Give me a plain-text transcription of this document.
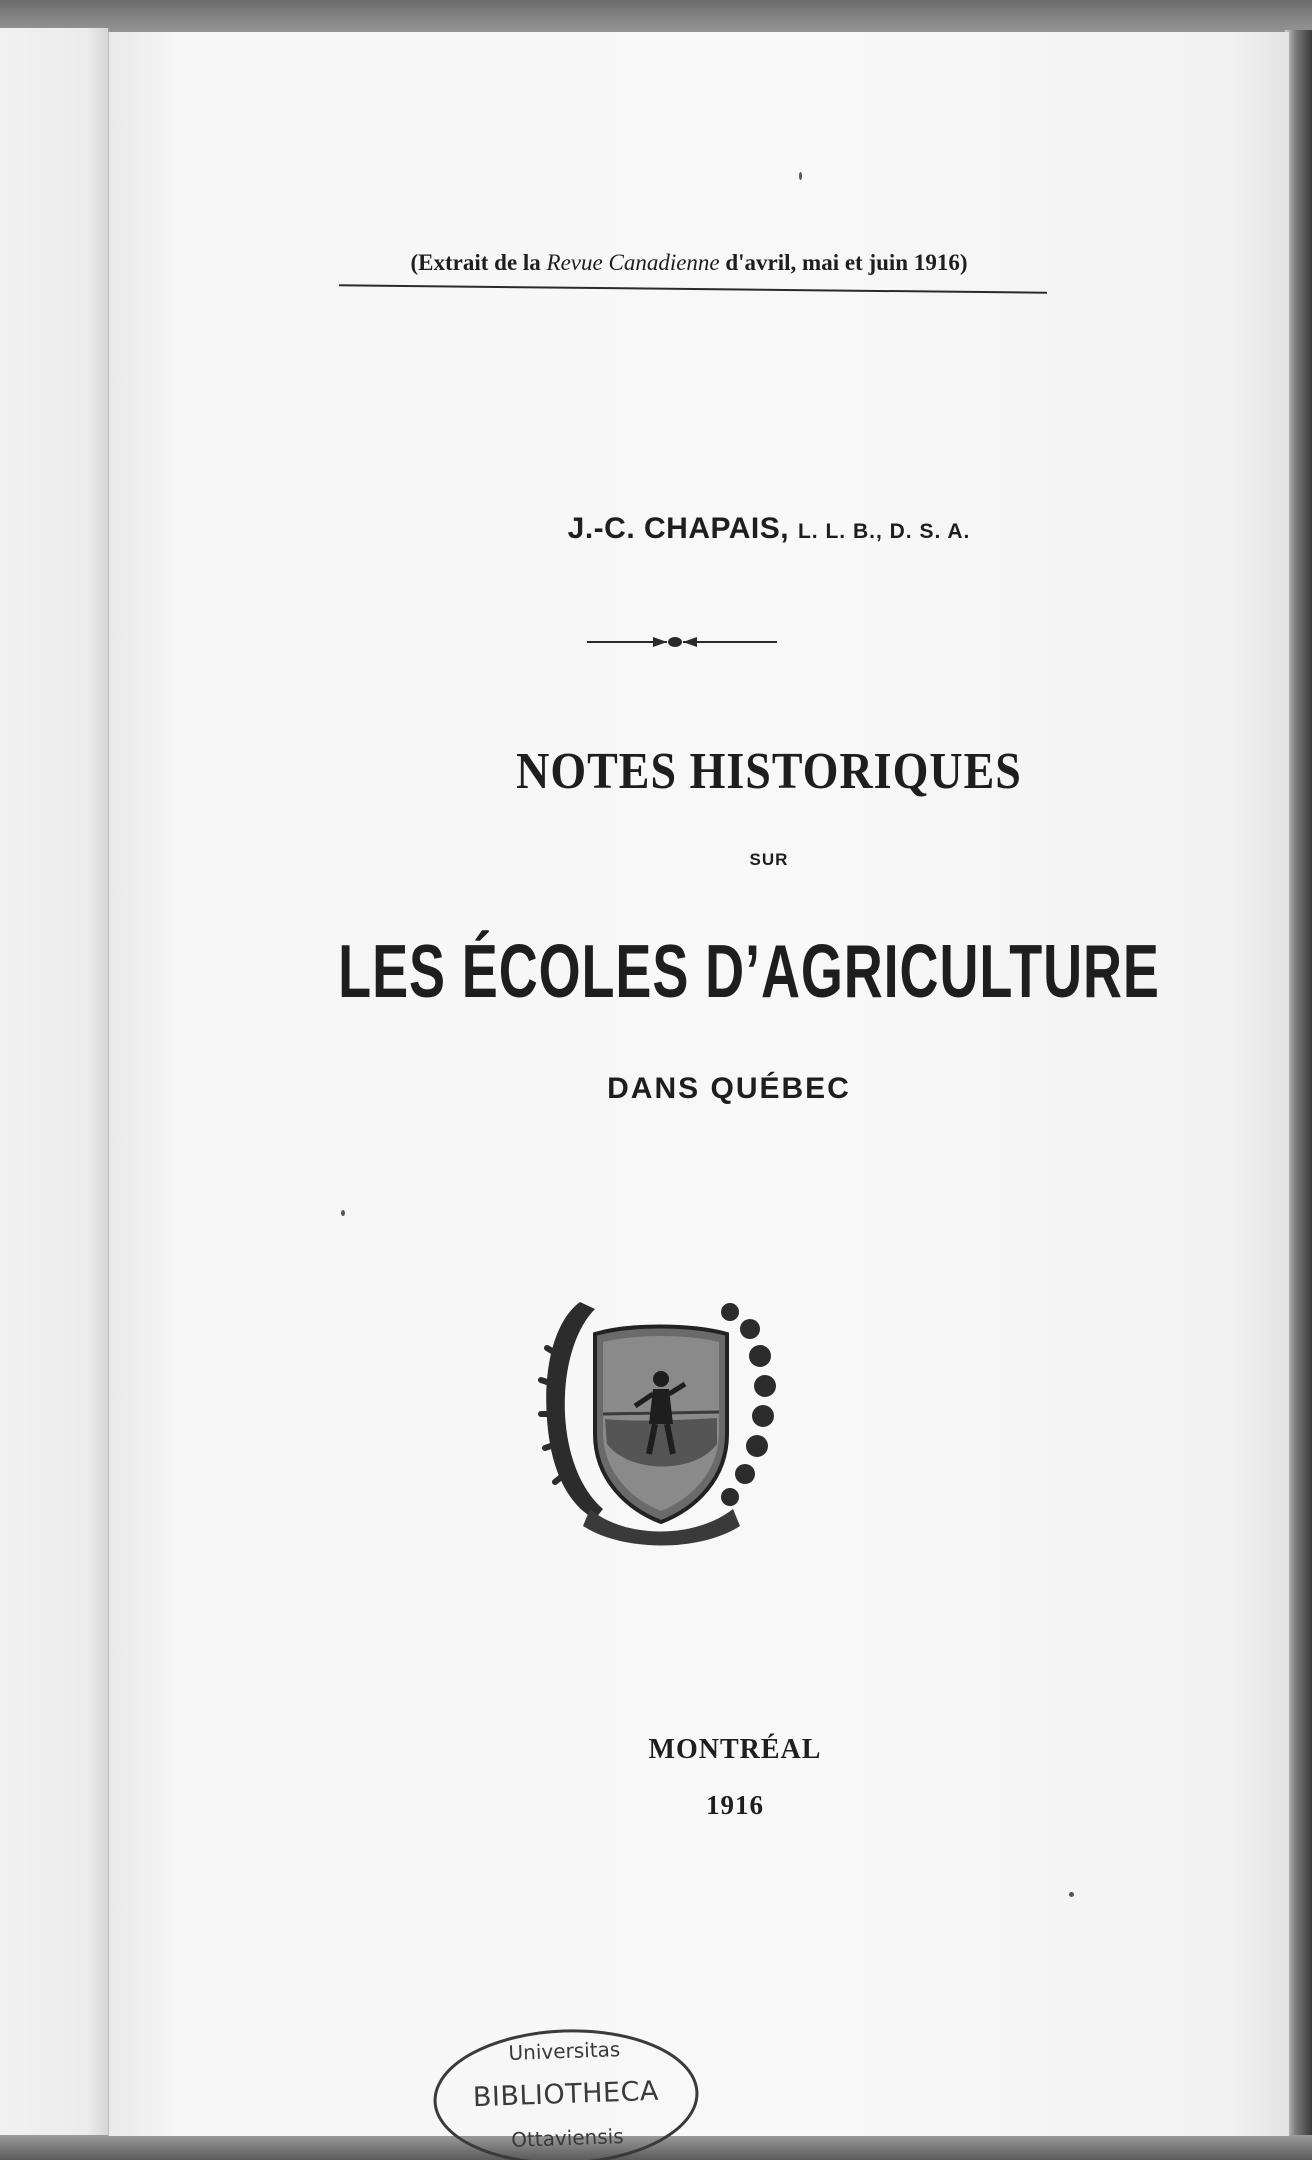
(Extrait de la Revue Canadienne d'avril, mai et juin 1916)
J.-C. CHAPAIS, L. L. B., D. S. A.
NOTES HISTORIQUES
SUR
LES ÉCOLES D’AGRICULTURE
DANS QUÉBEC
MONTRÉAL
1916
Universitas
BIBLIOTHECA
Ottaviensis
